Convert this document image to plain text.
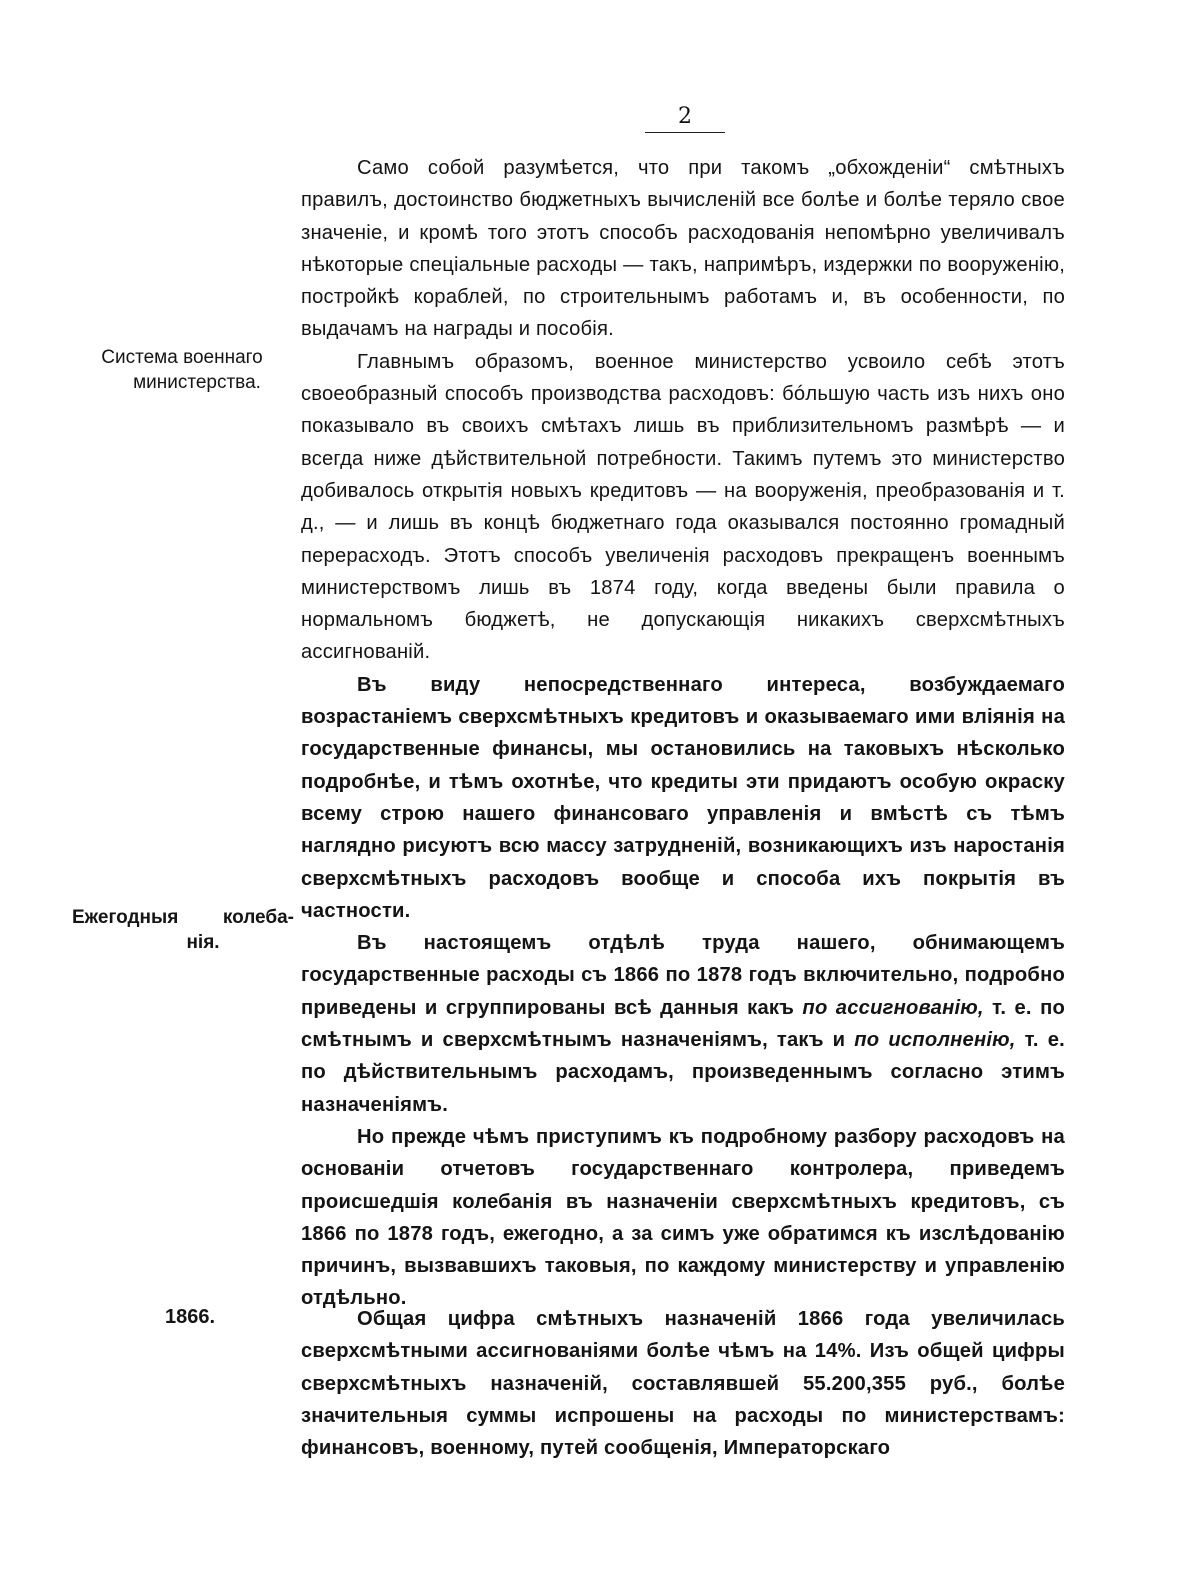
2
Система военнаго
министерства.
Ежегодныя колеба-
нія.
1866.

Само собой разумѣется, что при такомъ „обхожденіи“ смѣтныхъ правилъ, достоинство бюджетныхъ вычисленій все болѣе и болѣе теряло свое значеніе, и кромѣ того этотъ способъ расходованія непомѣрно увеличивалъ нѣкоторые спеціальные расходы — такъ, напримѣръ, издержки по вооруженію, постройкѣ кораблей, по строительнымъ работамъ и, въ особенности, по выдачамъ на награды и пособія.

Главнымъ образомъ, военное министерство усвоило себѣ этотъ своеобразный способъ производства расходовъ: бóльшую часть изъ нихъ оно показывало въ своихъ смѣтахъ лишь въ приблизительномъ размѣрѣ — и всегда ниже дѣйствительной потребности. Такимъ путемъ это министерство добивалось открытія новыхъ кредитовъ — на вооруженія, преобразованія и т. д., — и лишь въ концѣ бюджетнаго года оказывался постоянно громадный перерасходъ. Этотъ способъ увеличенія расходовъ прекращенъ военнымъ министерствомъ лишь въ 1874 году, когда введены были правила о нормальномъ бюджетѣ, не допускающія никакихъ сверхсмѣтныхъ ассигнованій.

Въ виду непосредственнаго интереса, возбуждаемаго возрастаніемъ сверхсмѣтныхъ кредитовъ и оказываемаго ими вліянія на государственные финансы, мы остановились на таковыхъ нѣсколько подробнѣе, и тѣмъ охотнѣе, что кредиты эти придаютъ особую окраску всему строю нашего финансоваго управленія и вмѣстѣ съ тѣмъ наглядно рисуютъ всю массу затрудненій, возникающихъ изъ наростанія сверхсмѣтныхъ расходовъ вообще и способа ихъ покрытія въ частности.

Въ настоящемъ отдѣлѣ труда нашего, обнимающемъ государственные расходы съ 1866 по 1878 годъ включительно, подробно приведены и сгруппированы всѣ данныя какъ по ассигнованію, т. е. по смѣтнымъ и сверхсмѣтнымъ назначеніямъ, такъ и по исполненію, т. е. по дѣйствительнымъ расходамъ, произведеннымъ согласно этимъ назначеніямъ.

Но прежде чѣмъ приступимъ къ подробному разбору расходовъ на основаніи отчетовъ государственнаго контролера, приведемъ происшедшія колебанія въ назначеніи сверхсмѣтныхъ кредитовъ, съ 1866 по 1878 годъ, ежегодно, а за симъ уже обратимся къ изслѣдованію причинъ, вызвавшихъ таковыя, по каждому министерству и управленію отдѣльно.

Общая цифра смѣтныхъ назначеній 1866 года увеличилась сверхсмѣтными ассигнованіями болѣе чѣмъ на 14%. Изъ общей цифры сверхсмѣтныхъ назначеній, составлявшей 55.200,355 руб., болѣе значительныя суммы испрошены на расходы по министерствамъ: финансовъ, военному, путей сообщенія, Императорскаго
